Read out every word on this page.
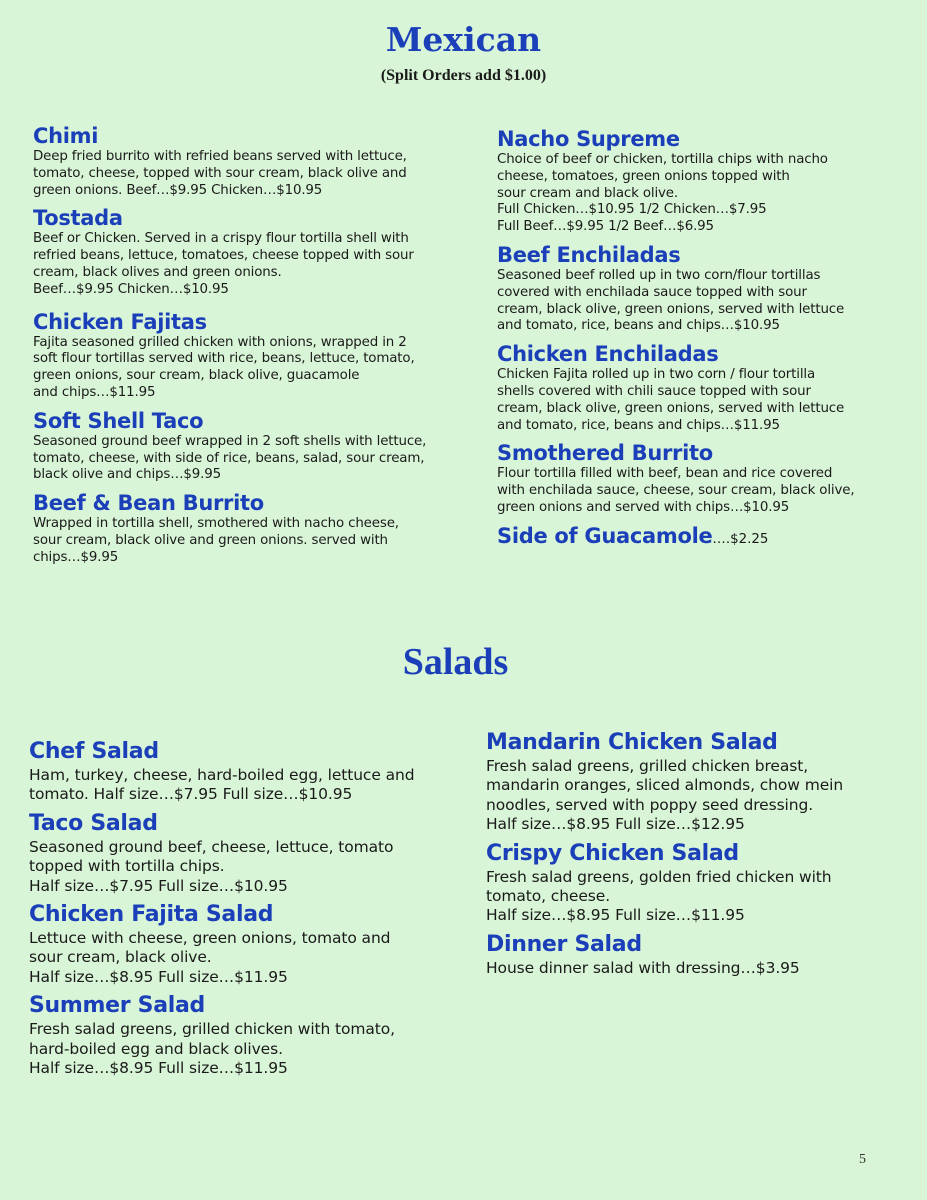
Mexican
(Split Orders add $1.00)
Chimi
Deep fried burrito with refried beans served with lettuce,
tomato, cheese, topped with sour cream, black olive and
green onions. Beef…$9.95 Chicken…$10.95
Tostada
Beef or Chicken. Served in a crispy flour tortilla shell with
refried beans, lettuce, tomatoes, cheese topped with sour
cream, black olives and green onions.
Beef…$9.95 Chicken…$10.95
Chicken Fajitas
Fajita seasoned grilled chicken with onions, wrapped in 2
soft flour tortillas served with rice, beans, lettuce, tomato,
green onions, sour cream, black olive, guacamole
and chips…$11.95
Soft Shell Taco
Seasoned ground beef wrapped in 2 soft shells with lettuce,
tomato, cheese, with side of rice, beans, salad, sour cream,
black olive and chips…$9.95
Beef & Bean Burrito
Wrapped in tortilla shell, smothered with nacho cheese,
sour cream, black olive and green onions. served with
chips…$9.95
Nacho Supreme
Choice of beef or chicken, tortilla chips with nacho
cheese, tomatoes, green onions topped with
sour cream and black olive.
Full Chicken…$10.95 1/2 Chicken…$7.95
Full Beef…$9.95 1/2 Beef…$6.95
Beef Enchiladas
Seasoned beef rolled up in two corn/flour tortillas
covered with enchilada sauce topped with sour
cream, black olive, green onions, served with lettuce
and tomato, rice, beans and chips…$10.95
Chicken Enchiladas
Chicken Fajita rolled up in two corn / flour tortilla
shells covered with chili sauce topped with sour
cream, black olive, green onions, served with lettuce
and tomato, rice, beans and chips…$11.95
Smothered Burrito
Flour tortilla filled with beef, bean and rice covered
with enchilada sauce, cheese, sour cream, black olive,
green onions and served with chips…$10.95
Side of Guacamole….$2.25
Salads
Chef Salad
Ham, turkey, cheese, hard-boiled egg, lettuce and
tomato. Half size…$7.95 Full size…$10.95
Taco Salad
Seasoned ground beef, cheese, lettuce, tomato
topped with tortilla chips.
Half size…$7.95 Full size…$10.95
Chicken Fajita Salad
Lettuce with cheese, green onions, tomato and
sour cream, black olive.
Half size…$8.95 Full size…$11.95
Summer Salad
Fresh salad greens, grilled chicken with tomato,
hard-boiled egg and black olives.
Half size…$8.95 Full size…$11.95
Mandarin Chicken Salad
Fresh salad greens, grilled chicken breast,
mandarin oranges, sliced almonds, chow mein
noodles, served with poppy seed dressing.
Half size…$8.95 Full size…$12.95
Crispy Chicken Salad
Fresh salad greens, golden fried chicken with
tomato, cheese.
Half size…$8.95 Full size…$11.95
Dinner Salad
House dinner salad with dressing…$3.95
5
